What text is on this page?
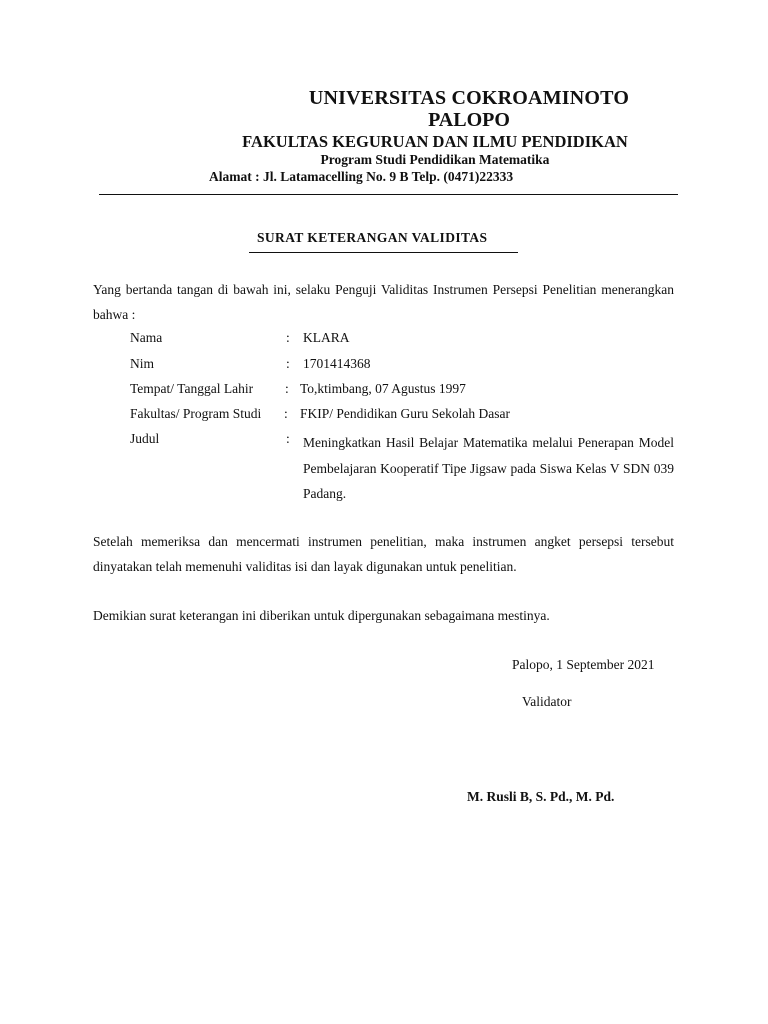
UNIVERSITAS COKROAMINOTO
PALOPO
FAKULTAS KEGURUAN DAN ILMU PENDIDIKAN
Program Studi Pendidikan Matematika
Alamat : Jl. Latamacelling No. 9 B Telp. (0471)22333
SURAT KETERANGAN VALIDITAS
Yang bertanda tangan di bawah ini, selaku Penguji Validitas Instrumen Persepsi Penelitian menerangkan bahwa :
Nama	: KLARA
Nim	: 1701414368
Tempat/ Tanggal Lahir : To,ktimbang, 07 Agustus 1997
Fakultas/ Program Studi : FKIP/ Pendidikan Guru Sekolah Dasar
Judul	: Meningkatkan Hasil Belajar Matematika melalui Penerapan Model Pembelajaran Kooperatif Tipe Jigsaw pada Siswa Kelas V SDN 039 Padang.
Setelah memeriksa dan mencermati instrumen penelitian, maka instrumen angket persepsi tersebut dinyatakan telah memenuhi validitas isi dan layak digunakan untuk penelitian.
Demikian surat keterangan ini diberikan untuk dipergunakan sebagaimana mestinya.
Palopo, 1 September 2021
Validator
M. Rusli B, S. Pd., M. Pd.
